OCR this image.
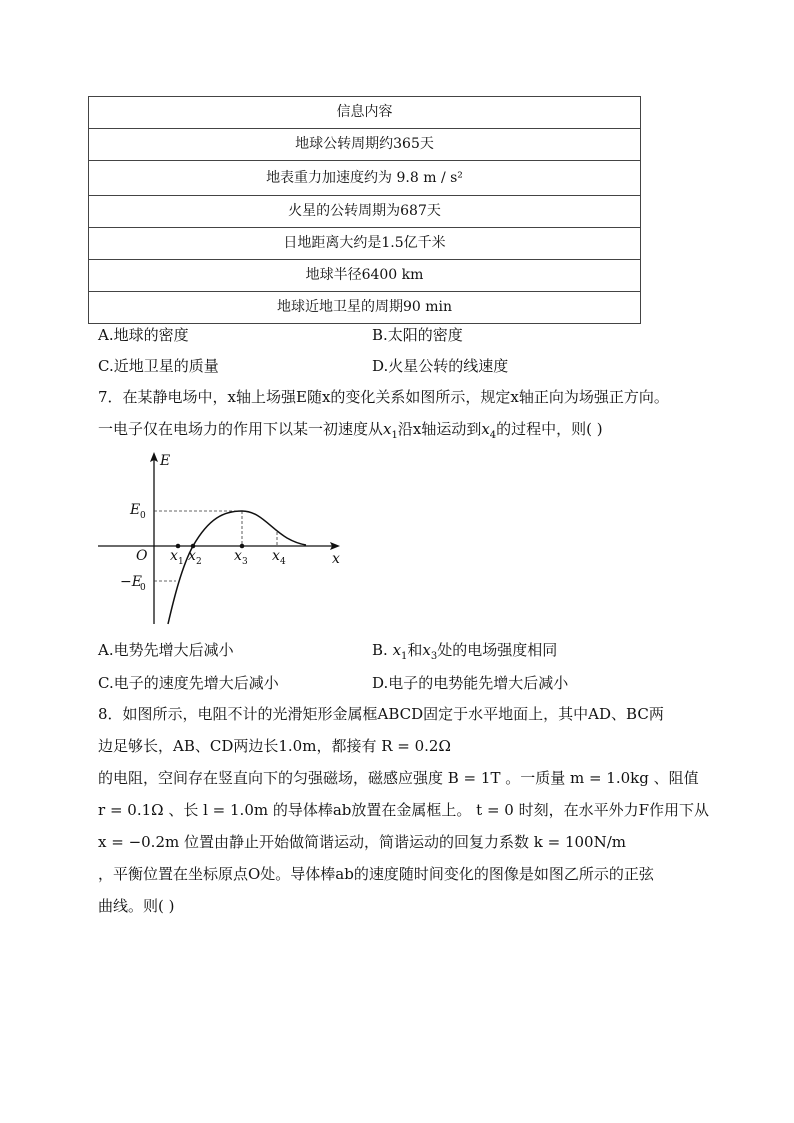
信息内容
地球公转周期约365天
地表重力加速度约为 9.8 m / s²
火星的公转周期为687天
日地距离大约是1.5亿千米
地球半径6400 km
地球近地卫星的周期90 min
A.地球的密度	B.太阳的密度
C.近地卫星的质量	D.火星公转的线速度
7．在某静电场中，x轴上场强E随x的变化关系如图所示，规定x轴正向为场强正方向。
一电子仅在电场力的作用下以某一初速度从$x_1$沿x轴运动到$x_4$的过程中，则( )
E
x
O
E 0
−E
0
x 1 x 2 x 3 x 4
A.电势先增大后减小	B. $x_1$和$x_3$处的电场强度相同
C.电子的速度先增大后减小	D.电子的电势能先增大后减小
8．如图所示，电阻不计的光滑矩形金属框ABCD固定于水平地面上，其中AD、BC两
边足够长，AB、CD两边长1.0m，都接有 R = 0.2Ω
的电阻，空间存在竖直向下的匀强磁场，磁感应强度 B = 1T 。一质量 m = 1.0kg 、阻值
r = 0.1Ω 、长 l = 1.0m 的导体棒ab放置在金属框上。 t = 0 时刻，在水平外力F作用下从
x = −0.2m 位置由静止开始做简谐运动，简谐运动的回复力系数 k = 100N/m
，平衡位置在坐标原点O处。导体棒ab的速度随时间变化的图像是如图乙所示的正弦
曲线。则( )
